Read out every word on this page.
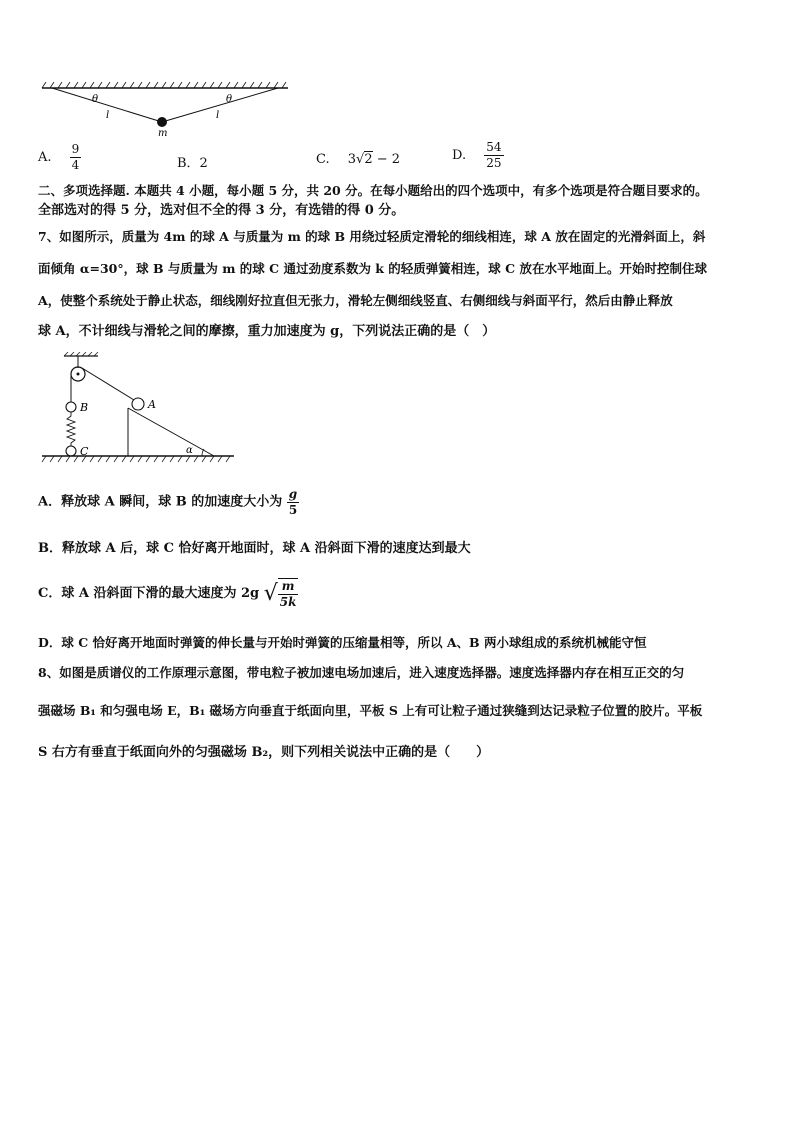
θ	θ
l	l
m
A. $\frac{9}{4}$	B．2	C. 3√2 − 2	D. $\frac{54}{25}$
二、多项选择题. 本题共 4 小题，每小题 5 分，共 20 分。在每小题给出的四个选项中，有多个选项是符合题目要求的。
全部选对的得 5 分，选对但不全的得 3 分，有选错的得 0 分。
7、如图所示，质量为 4m 的球 A 与质量为 m 的球 B 用绕过轻质定滑轮的细线相连，球 A 放在固定的光滑斜面上，斜
面倾角 α=30°，球 B 与质量为 m 的球 C 通过劲度系数为 k 的轻质弹簧相连，球 C 放在水平地面上。开始时控制住球
A，使整个系统处于静止状态，细线刚好拉直但无张力，滑轮左侧细线竖直、右侧细线与斜面平行，然后由静止释放
球 A，不计细线与滑轮之间的摩擦，重力加速度为 g，下列说法正确的是（　）
A
B
C	α
A．释放球 A 瞬间，球 B 的加速度大小为 $\frac{g}{5}$
B．释放球 A 后，球 C 恰好离开地面时，球 A 沿斜面下滑的速度达到最大
C．球 A 沿斜面下滑的最大速度为 2g √ $\frac{m}{5k}$
D．球 C 恰好离开地面时弹簧的伸长量与开始时弹簧的压缩量相等，所以 A、B 两小球组成的系统机械能守恒
8、如图是质谱仪的工作原理示意图，带电粒子被加速电场加速后，进入速度选择器。速度选择器内存在相互正交的匀
强磁场 B₁ 和匀强电场 E，B₁ 磁场方向垂直于纸面向里，平板 S 上有可让粒子通过狭缝到达记录粒子位置的胶片。平板
S 右方有垂直于纸面向外的匀强磁场 B₂，则下列相关说法中正确的是（　　）
